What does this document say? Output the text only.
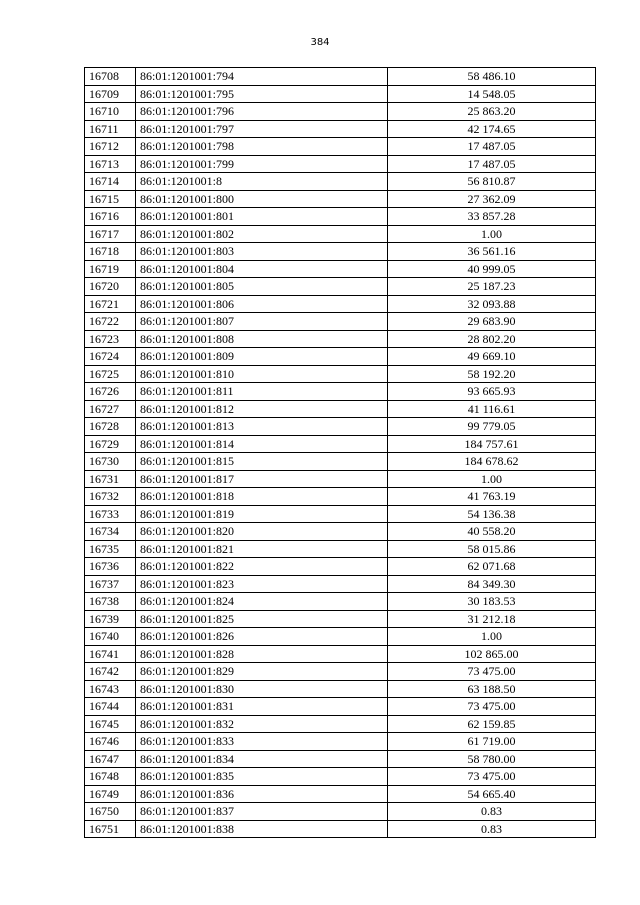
384
16708	86:01:1201001:794	58 486.10
16709	86:01:1201001:795	14 548.05
16710	86:01:1201001:796	25 863.20
16711	86:01:1201001:797	42 174.65
16712	86:01:1201001:798	17 487.05
16713	86:01:1201001:799	17 487.05
16714	86:01:1201001:8	56 810.87
16715	86:01:1201001:800	27 362.09
16716	86:01:1201001:801	33 857.28
16717	86:01:1201001:802	1.00
16718	86:01:1201001:803	36 561.16
16719	86:01:1201001:804	40 999.05
16720	86:01:1201001:805	25 187.23
16721	86:01:1201001:806	32 093.88
16722	86:01:1201001:807	29 683.90
16723	86:01:1201001:808	28 802.20
16724	86:01:1201001:809	49 669.10
16725	86:01:1201001:810	58 192.20
16726	86:01:1201001:811	93 665.93
16727	86:01:1201001:812	41 116.61
16728	86:01:1201001:813	99 779.05
16729	86:01:1201001:814	184 757.61
16730	86:01:1201001:815	184 678.62
16731	86:01:1201001:817	1.00
16732	86:01:1201001:818	41 763.19
16733	86:01:1201001:819	54 136.38
16734	86:01:1201001:820	40 558.20
16735	86:01:1201001:821	58 015.86
16736	86:01:1201001:822	62 071.68
16737	86:01:1201001:823	84 349.30
16738	86:01:1201001:824	30 183.53
16739	86:01:1201001:825	31 212.18
16740	86:01:1201001:826	1.00
16741	86:01:1201001:828	102 865.00
16742	86:01:1201001:829	73 475.00
16743	86:01:1201001:830	63 188.50
16744	86:01:1201001:831	73 475.00
16745	86:01:1201001:832	62 159.85
16746	86:01:1201001:833	61 719.00
16747	86:01:1201001:834	58 780.00
16748	86:01:1201001:835	73 475.00
16749	86:01:1201001:836	54 665.40
16750	86:01:1201001:837	0.83
16751	86:01:1201001:838	0.83
